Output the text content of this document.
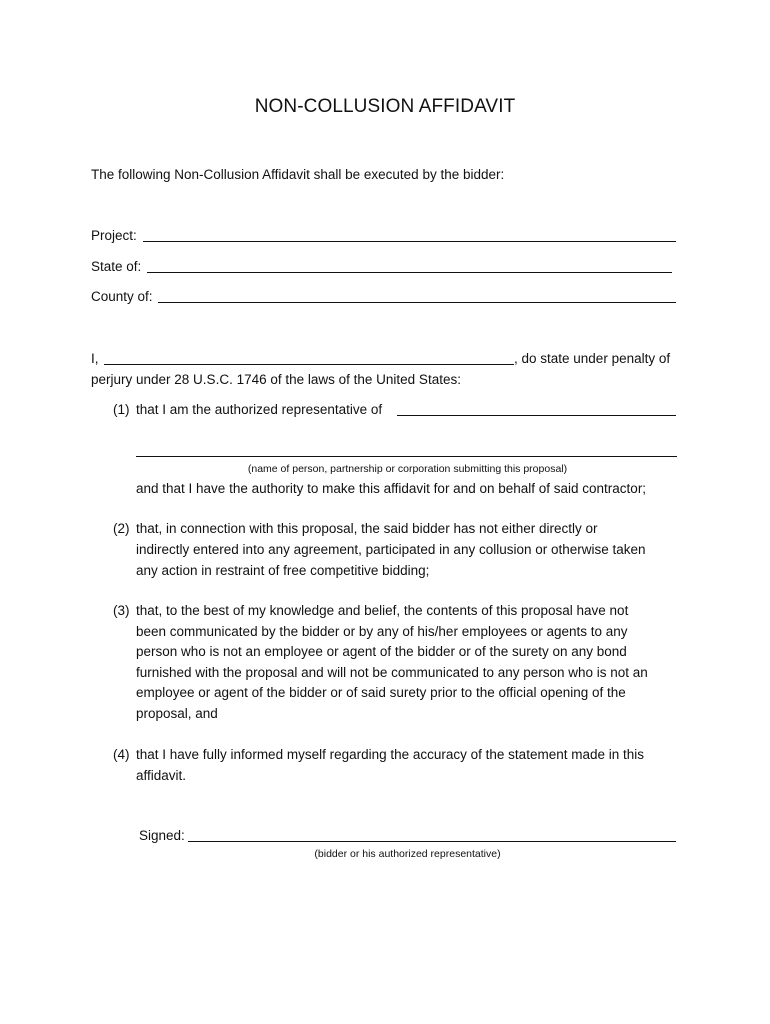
NON-COLLUSION AFFIDAVIT
The following Non-Collusion Affidavit shall be executed by the bidder:
Project:
State of:
County of:
I,	, do state under penalty of
perjury under 28 U.S.C. 1746 of the laws of the United States:
(1) that I am the authorized representative of
(name of person, partnership or corporation submitting this proposal)
and that I have the authority to make this affidavit for and on behalf of said contractor;
(2) that, in connection with this proposal, the said bidder has not either directly or
indirectly entered into any agreement, participated in any collusion or otherwise taken
any action in restraint of free competitive bidding;
(3) that, to the best of my knowledge and belief, the contents of this proposal have not
been communicated by the bidder or by any of his/her employees or agents to any
person who is not an employee or agent of the bidder or of the surety on any bond
furnished with the proposal and will not be communicated to any person who is not an
employee or agent of the bidder or of said surety prior to the official opening of the
proposal, and
(4) that I have fully informed myself regarding the accuracy of the statement made in this
affidavit.
Signed:
(bidder or his authorized representative)
